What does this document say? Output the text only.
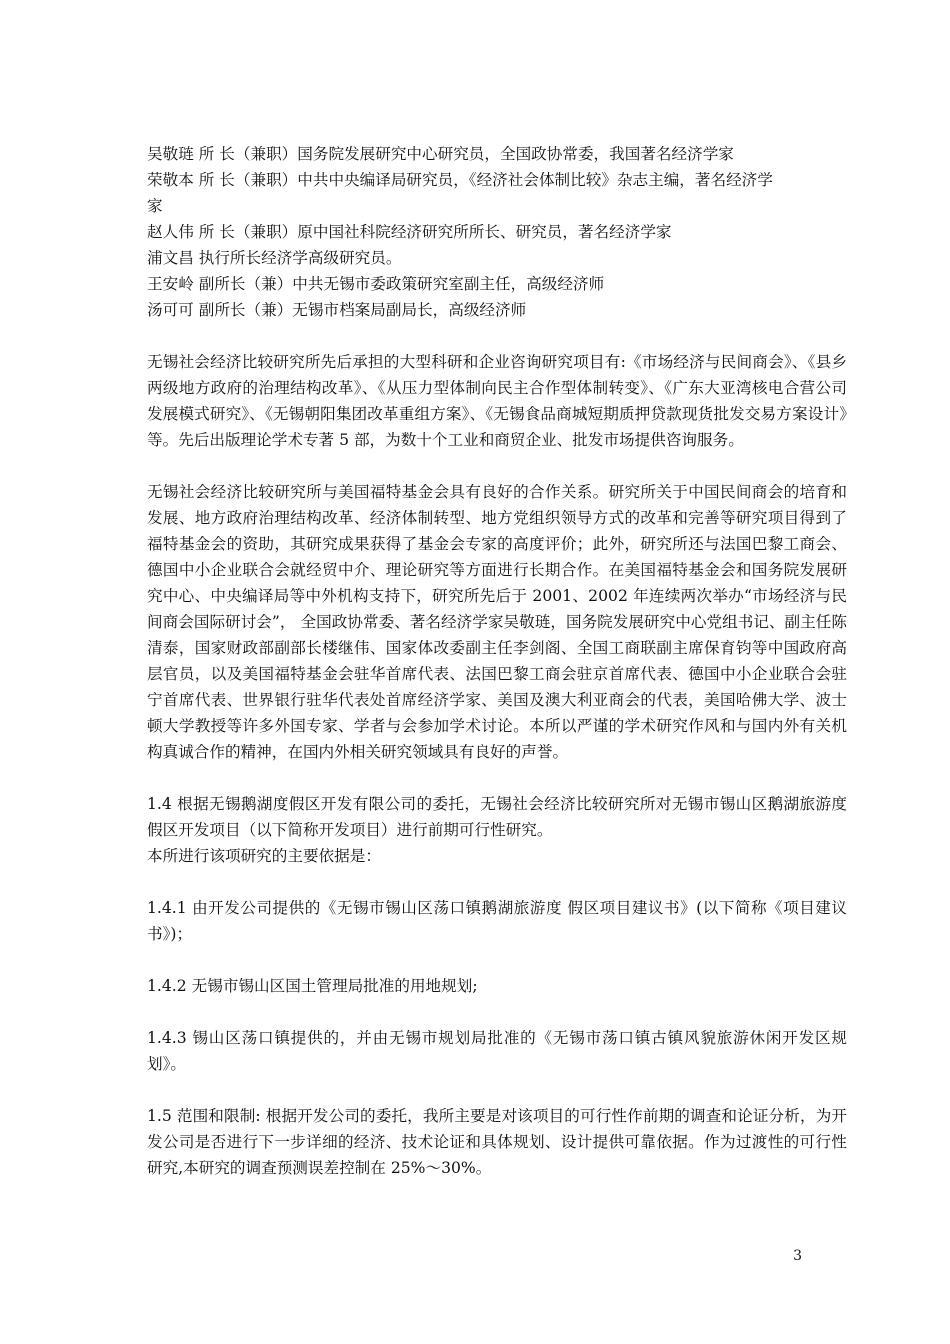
吴敬琏 所 长（兼职）国务院发展研究中心研究员，全国政协常委，我国著名经济学家
荣敬本 所 长（兼职）中共中央编译局研究员，《经济社会体制比较》杂志主编，著名经济学
家
赵人伟 所 长（兼职）原中国社科院经济研究所所长、研究员，著名经济学家
浦文昌 执行所长经济学高级研究员。
王安岭 副所长（兼）中共无锡市委政策研究室副主任，高级经济师
汤可可 副所长（兼）无锡市档案局副局长，高级经济师
无锡社会经济比较研究所先后承担的大型科研和企业咨询研究项目有:《市场经济与民间商会》、《县乡两级地方政府的治理结构改革》、《从压力型体制向民主合作型体制转变》、《广东大亚湾核电合营公司发展模式研究》、《无锡朝阳集团改革重组方案》、《无锡食品商城短期质押贷款现货批发交易方案设计》等。先后出版理论学术专著 5 部，为数十个工业和商贸企业、批发市场提供咨询服务。
无锡社会经济比较研究所与美国福特基金会具有良好的合作关系。研究所关于中国民间商会的培育和发展、地方政府治理结构改革、经济体制转型、地方党组织领导方式的改革和完善等研究项目得到了福特基金会的资助，其研究成果获得了基金会专家的高度评价；此外，研究所还与法国巴黎工商会、德国中小企业联合会就经贸中介、理论研究等方面进行长期合作。在美国福特基金会和国务院发展研究中心、中央编译局等中外机构支持下，研究所先后于 2001、2002 年连续两次举办“市场经济与民间商会国际研讨会”， 全国政协常委、著名经济学家吴敬琏，国务院发展研究中心党组书记、副主任陈清泰，国家财政部副部长楼继伟、国家体改委副主任李剑阁、全国工商联副主席保育钧等中国政府高层官员，以及美国福特基金会驻华首席代表、法国巴黎工商会驻京首席代表、德国中小企业联合会驻宁首席代表、世界银行驻华代表处首席经济学家、美国及澳大利亚商会的代表，美国哈佛大学、波士顿大学教授等许多外国专家、学者与会参加学术讨论。本所以严谨的学术研究作风和与国内外有关机构真诚合作的精神，在国内外相关研究领域具有良好的声誉。
1.4 根据无锡鹅湖度假区开发有限公司的委托，无锡社会经济比较研究所对无锡市锡山区鹅湖旅游度假区开发项目（以下简称开发项目）进行前期可行性研究。
本所进行该项研究的主要依据是：
1.4.1 由开发公司提供的《无锡市锡山区荡口镇鹅湖旅游度 假区项目建议书》(以下简称《项目建议书》)；
1.4.2 无锡市锡山区国土管理局批准的用地规划;
1.4.3 锡山区荡口镇提供的，并由无锡市规划局批准的《无锡市荡口镇古镇风貌旅游休闲开发区规划》。
1.5 范围和限制: 根据开发公司的委托，我所主要是对该项目的可行性作前期的调查和论证分析，为开发公司是否进行下一步详细的经济、技术论证和具体规划、设计提供可靠依据。作为过渡性的可行性研究,本研究的调查预测误差控制在 25%～30%。
3
